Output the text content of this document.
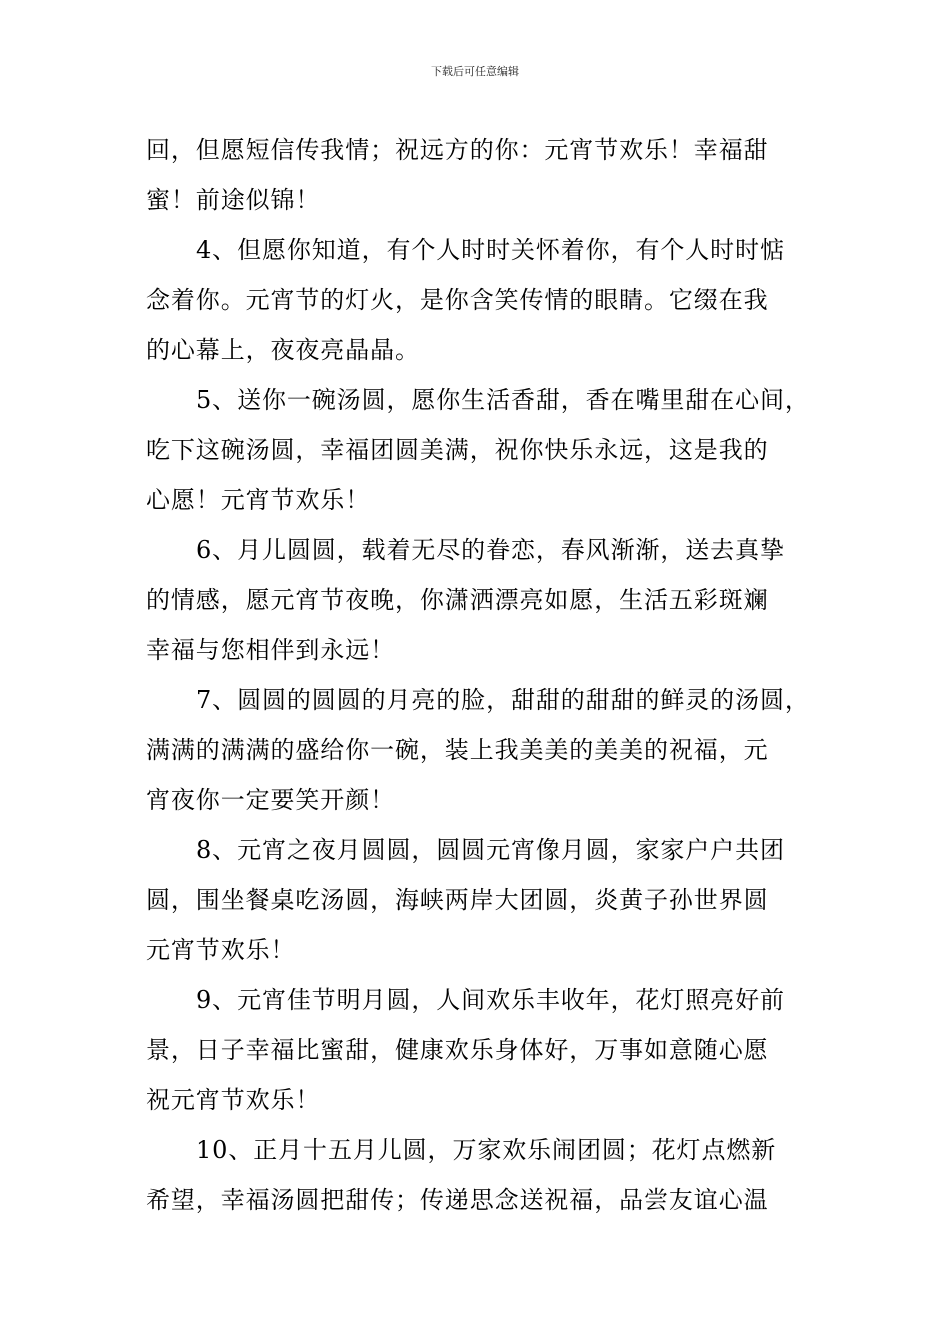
下载后可任意编辑
回，但愿短信传我情；祝远方的你：元宵节欢乐！幸福甜
蜜！前途似锦！
4、但愿你知道，有个人时时关怀着你，有个人时时惦
念着你。元宵节的灯火，是你含笑传情的眼睛。它缀在我
的心幕上，夜夜亮晶晶。
5、送你一碗汤圆，愿你生活香甜，香在嘴里甜在心间，
吃下这碗汤圆，幸福团圆美满，祝你快乐永远，这是我的
心愿！元宵节欢乐！
6、月儿圆圆，载着无尽的眷恋，春风渐渐，送去真挚
的情感，愿元宵节夜晚，你潇洒漂亮如愿，生活五彩斑斓
幸福与您相伴到永远！
7、圆圆的圆圆的月亮的脸，甜甜的甜甜的鲜灵的汤圆，
满满的满满的盛给你一碗，装上我美美的美美的祝福，元
宵夜你一定要笑开颜！
8、元宵之夜月圆圆，圆圆元宵像月圆，家家户户共团
圆，围坐餐桌吃汤圆，海峡两岸大团圆，炎黄子孙世界圆
元宵节欢乐！
9、元宵佳节明月圆，人间欢乐丰收年，花灯照亮好前
景，日子幸福比蜜甜，健康欢乐身体好，万事如意随心愿
祝元宵节欢乐！
10、正月十五月儿圆，万家欢乐闹团圆；花灯点燃新
希望，幸福汤圆把甜传；传递思念送祝福，品尝友谊心温
